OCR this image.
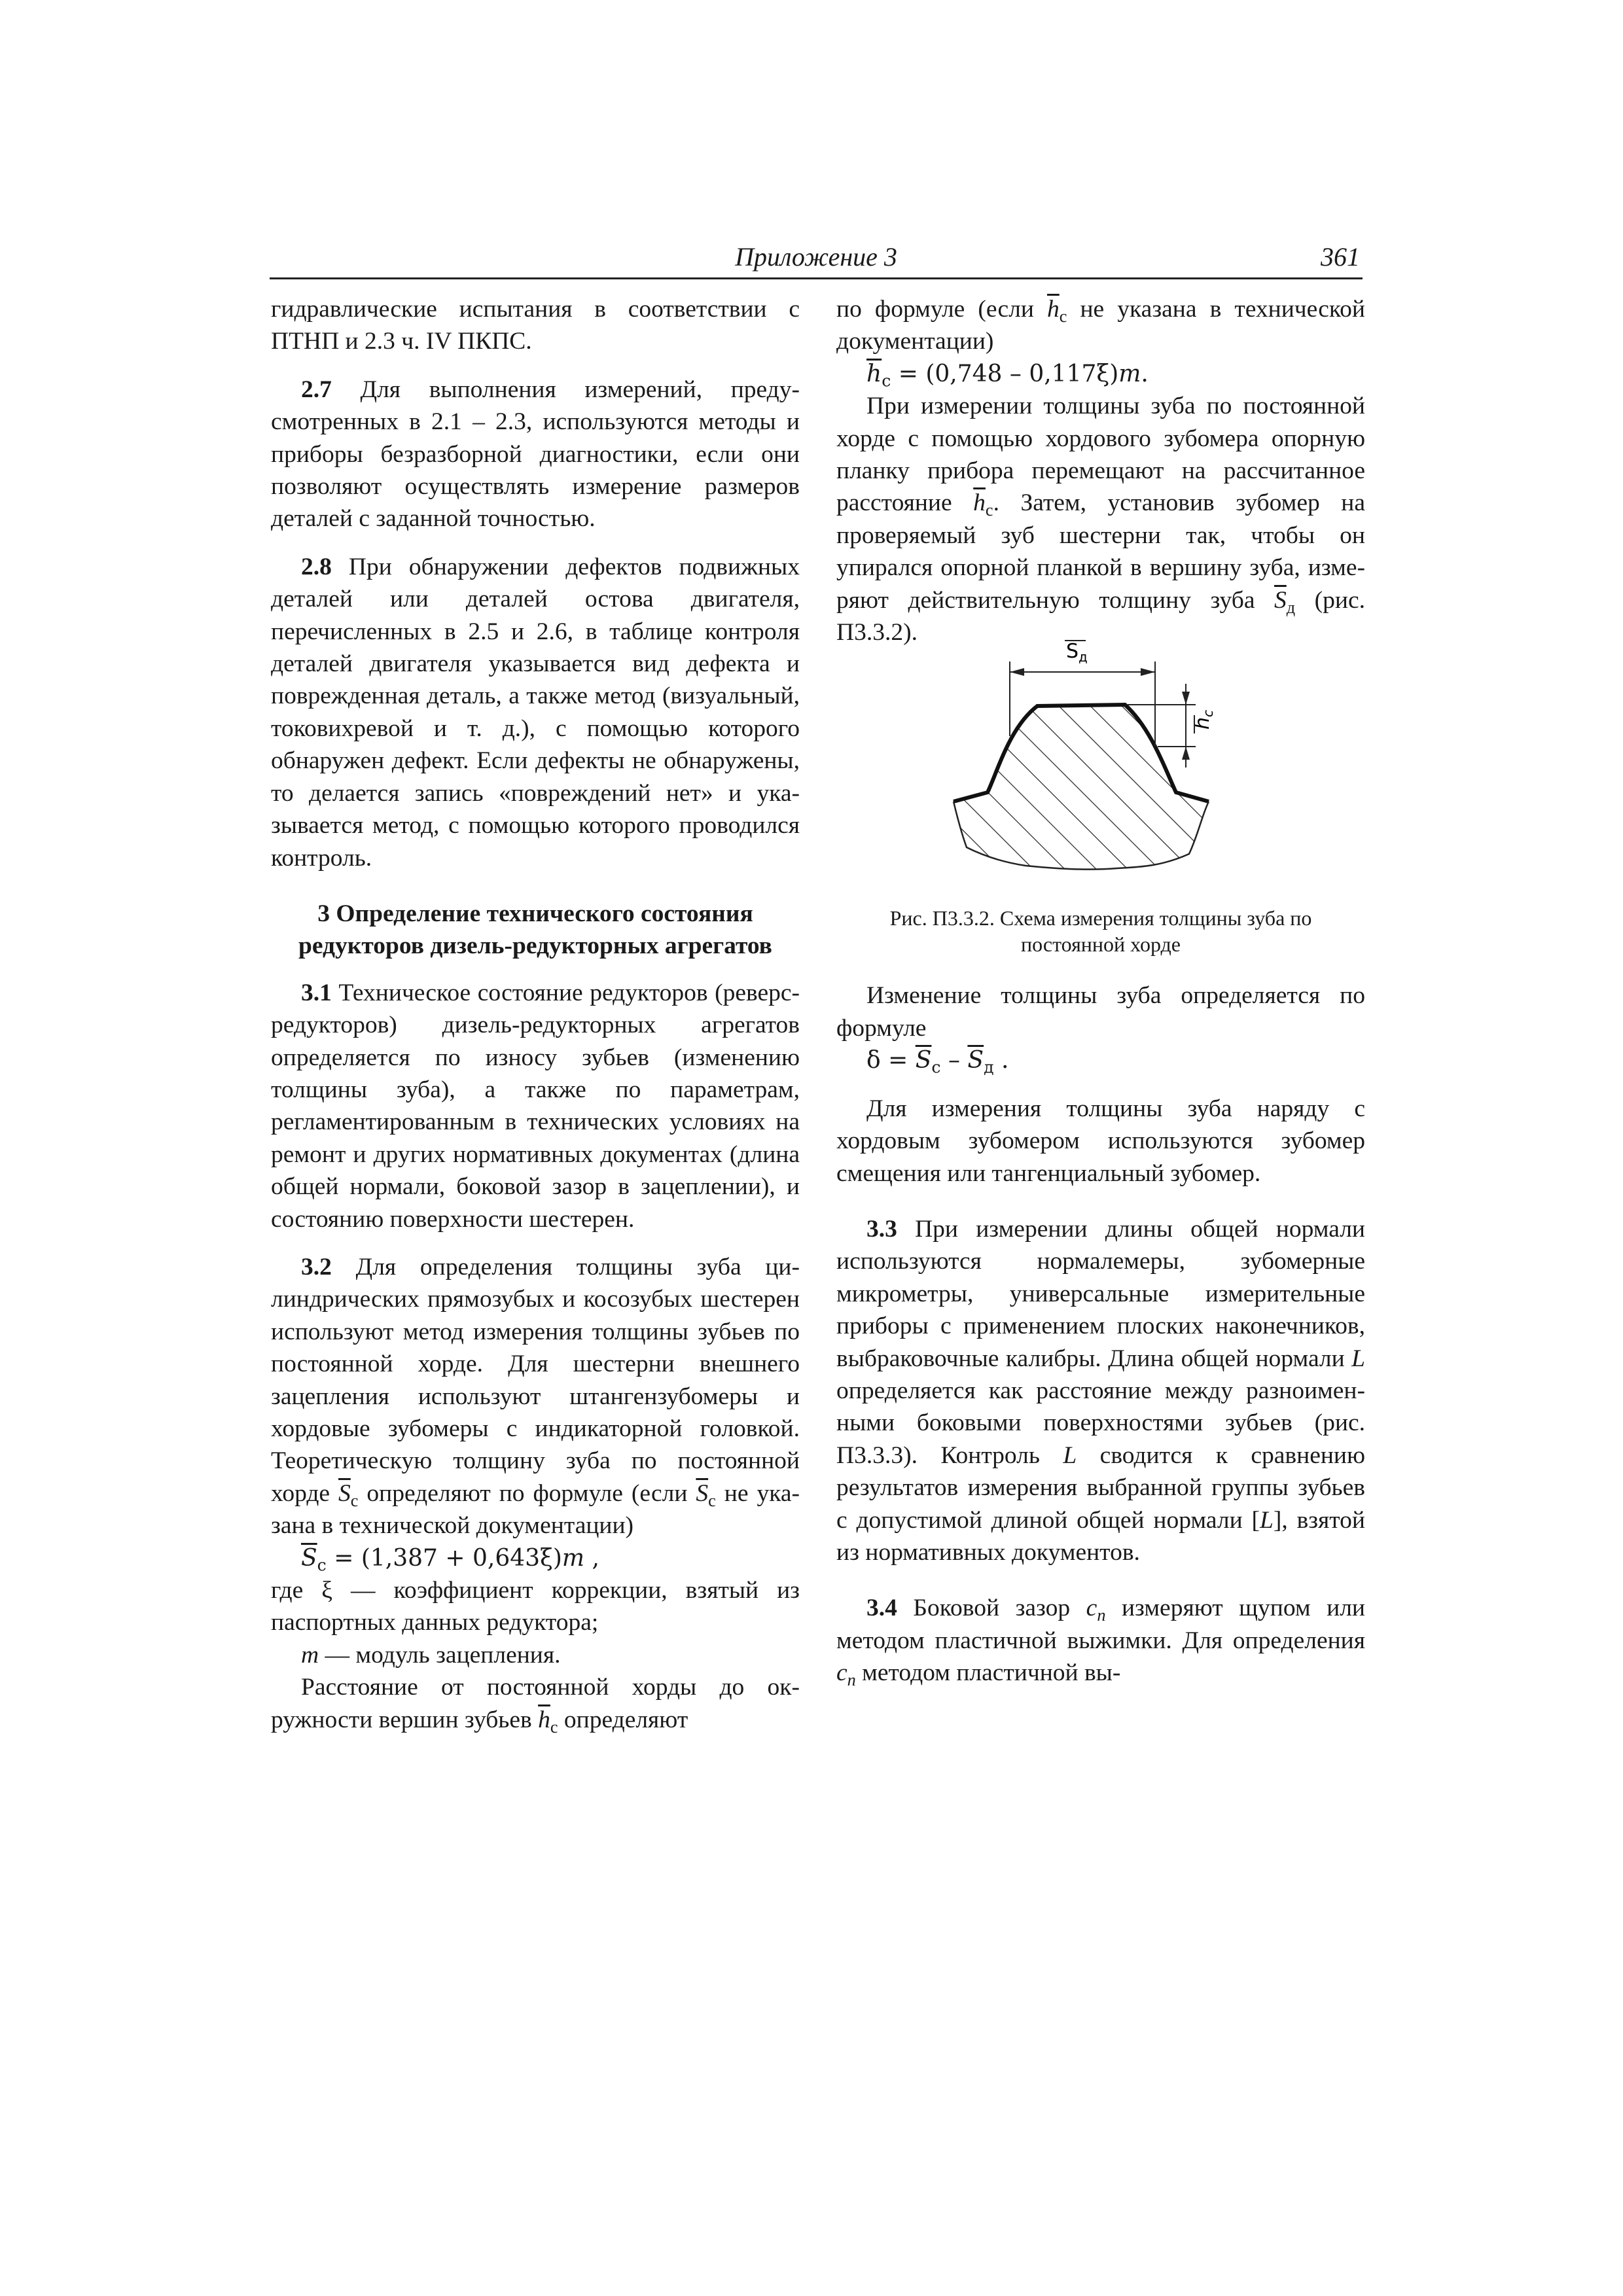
Приложение 3	361

гидравлические испытания в соответствии с ПТНП и 2.3 ч. IV ПКПС.

2.7 Для выполнения измерений, предусмотренных в 2.1 – 2.3, используются методы и приборы безразборной диагностики, если они позволяют осуществлять измерение размеров деталей с заданной точностью.

2.8 При обнаружении дефектов подвижных деталей или деталей остова двигателя, перечисленных в 2.5 и 2.6, в таблице контроля деталей двигателя указывается вид дефекта и поврежденная деталь, а также метод (визуальный, токовихревой и т. д.), с помощью которого обнаружен дефект. Если дефекты не обнаружены, то делается запись «повреждений нет» и указывается метод, с помощью которого проводился контроль.

3 Определение технического состояния редукторов дизель-редукторных агрегатов

3.1 Техническое состояние редукторов (реверс-редукторов) дизель-редукторных агрегатов определяется по износу зубьев (изменению толщины зуба), а также по параметрам, регламентированным в технических условиях на ремонт и других нормативных документах (длина общей нормали, боковой зазор в зацеплении), и состоянию поверхности шестерен.

3.2 Для определения толщины зуба цилиндрических прямозубых и косозубых шестерен используют метод измерения толщины зубьев по постоянной хорде. Для шестерни внешнего зацепления используют штангензубомеры и хордовые зубомеры с индикаторной головкой. Теоретическую толщину зуба по постоянной хорде $\overline{S}_с$ определяют по формуле (если $\overline{S}_с$ не указана в технической документации)

$\overline{S}_с = (1,387 + 0,643\xi)m$ ,

где ξ — коэффициент коррекции, взятый из паспортных данных редуктора;

m — модуль зацепления.

Расстояние от постоянной хорды до окружности вершин зубьев $\overline{h}_с$ определяют

по формуле (если $\overline{h}_с$ не указана в технической документации)

$\overline{h}_с = (0,748 - 0,117\xi)m$.

При измерении толщины зуба по постоянной хорде с помощью хордового зубомера опорную планку прибора перемещают на рассчитанное расстояние $\overline{h}_с$. Затем, установив зубомер на проверяемый зуб шестерни так, чтобы он упирался опорной планкой в вершину зуба, измеряют действительную толщину зуба $\overline{S}_д$ (рис. П3.3.2).

$S_д$
$h_с$

Рис. П3.3.2. Схема измерения толщины зуба по постоянной хорде

Изменение толщины зуба определяется по формуле

$\delta = \overline{S}_с - \overline{S}_д$ .

Для измерения толщины зуба наряду с хордовым зубомером используются зубомер смещения или тангенциальный зубомер.

3.3 При измерении длины общей нормали используются нормалемеры, зубомерные микрометры, универсальные измерительные приборы с применением плоских наконечников, выбраковочные калибры. Длина общей нормали L определяется как расстояние между разноименными боковыми поверхностями зубьев (рис. П3.3.3). Контроль L сводится к сравнению результатов измерения выбранной группы зубьев с допустимой длиной общей нормали [L], взятой из нормативных документов.

3.4 Боковой зазор $c_n$ измеряют щупом или методом пластичной выжимки. Для определения $c_n$ методом пластичной вы-
